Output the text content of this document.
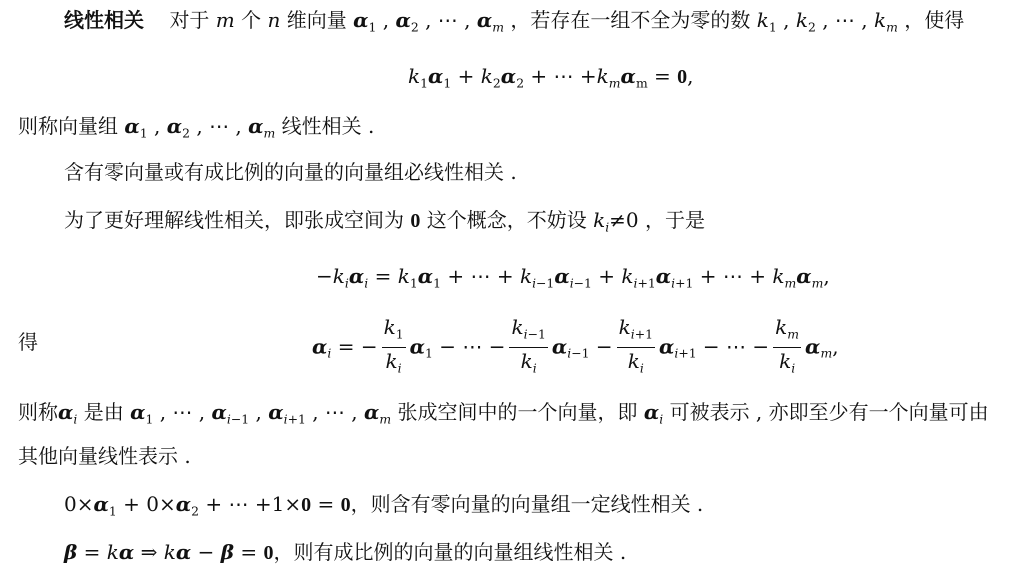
线性相关 对于 m 个 n 维向量 $\alpha_1$ , $\alpha_2$ , ⋯ , $\alpha_m$ ，若存在一组不全为零的数 $k_1$ , $k_2$ , ⋯ , $k_m$ ，使得
$k_1\alpha_1 + k_2\alpha_2$ + ⋯ $+k_m\alpha_m = 0$,
则称向量组 $\alpha_1$ , $\alpha_2$ , ⋯ , $\alpha_m$ 线性相关 .
含有零向量或有成比例的向量的向量组必线性相关 .
为了更好理解线性相关，即张成空间为 0 这个概念，不妨设 $k_i\ne 0$ ，于是
$-k_i\alpha_i = k_1\alpha_1$ + ⋯ + $k_{i-1}\alpha_{i-1} + k_{i+1}\alpha_{i+1}$ + ⋯ + $k_m\alpha_m$,
得	$\alpha_i$ = − $\frac{k_1}{k_i} \alpha_1$ − ⋯ − $\frac{k_{i-1}}{k_i} \alpha_{i-1} - \frac{k_{i+1}}{k_i} \alpha_{i+1}$ − ⋯ − $\frac{k_m}{k_i} \alpha_m$,
则称$\alpha_i$ 是由 $\alpha_1$ , ⋯ , $\alpha_{i-1}$ , $\alpha_{i+1}$ , ⋯ , $\alpha_m$ 张成空间中的一个向量，即 $\alpha_i$ 可被表示 , 亦即至少有一个向量可由
其他向量线性表示 .
$0\times\alpha_1 + 0\times\alpha_2$ + ⋯ +1×0 = 0，则含有零向量的向量组一定线性相关 .
β = kα ⇒ kα − β = 0，则有成比例的向量的向量组线性相关 .
